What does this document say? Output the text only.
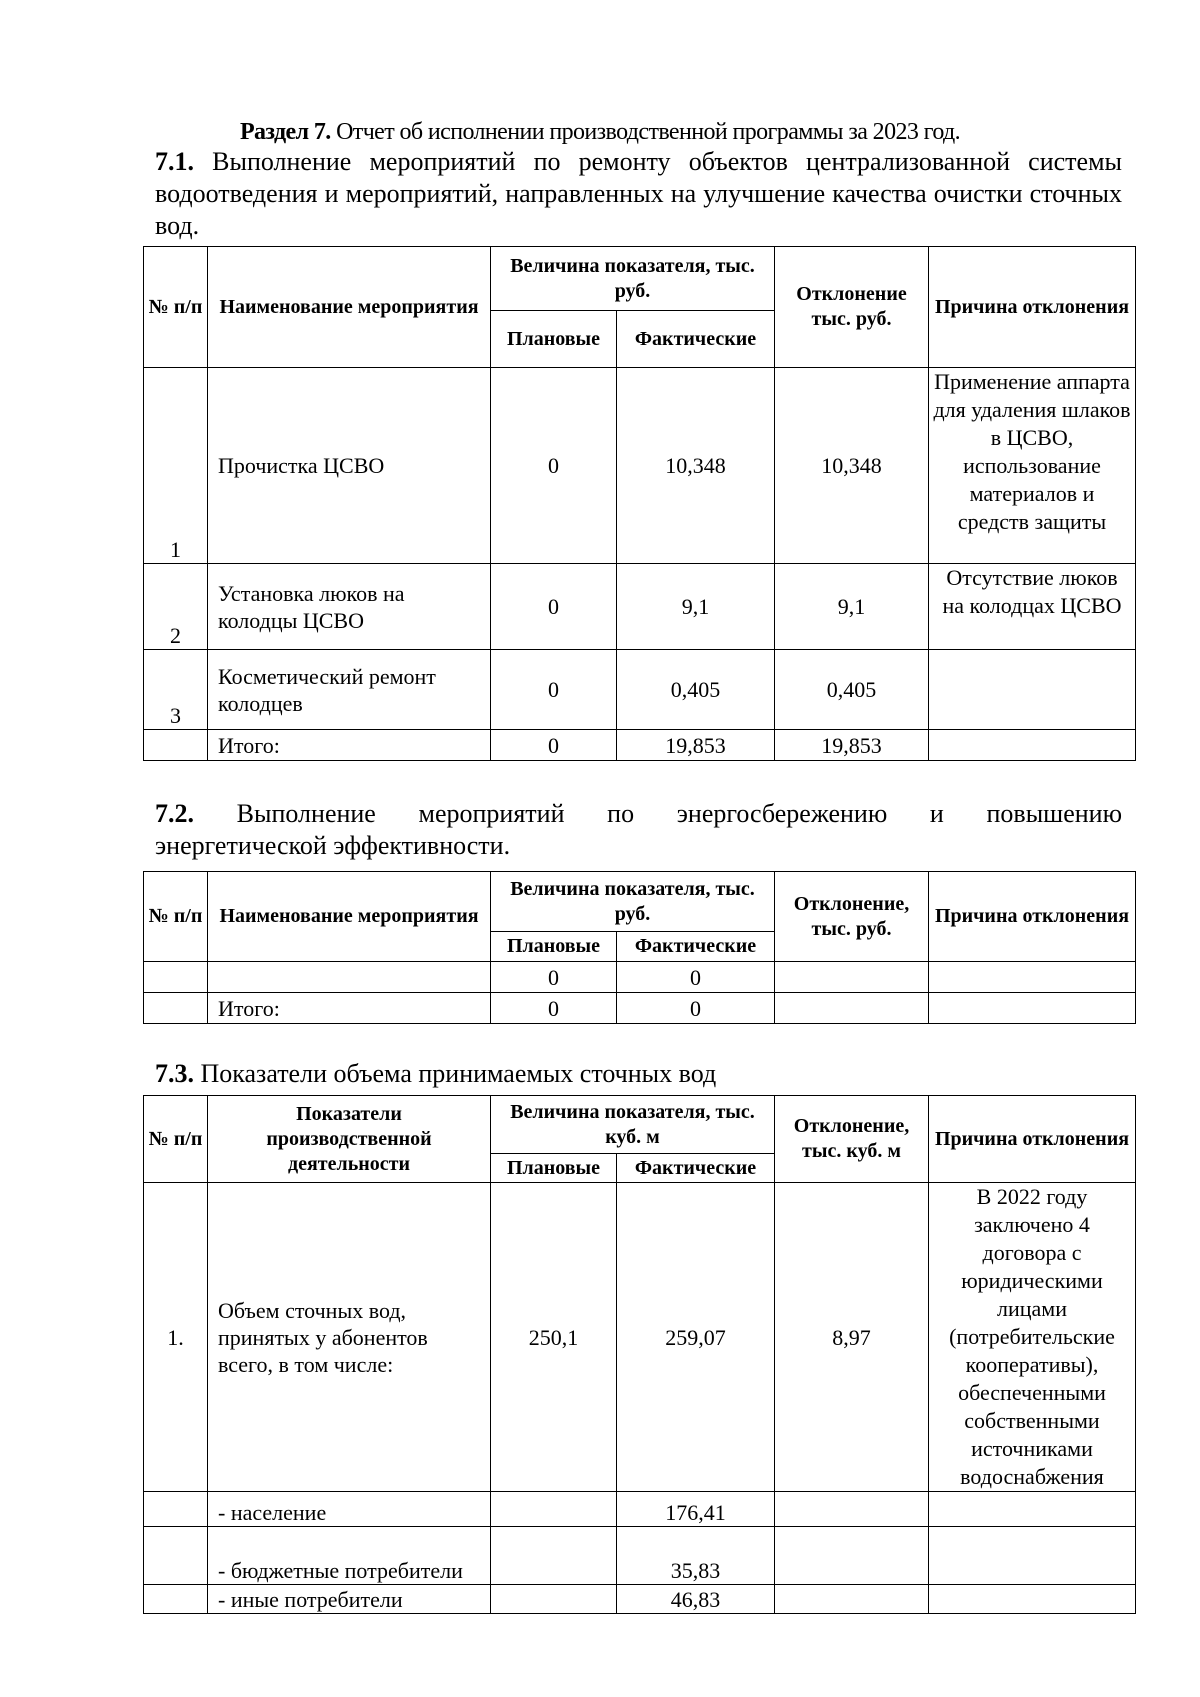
Раздел 7. Отчет об исполнении производственной программы за 2023 год.
7.1. Выполнение мероприятий по ремонту объектов централизованной системы водоотведения и мероприятий, направленных на улучшение качества очистки сточных вод.
№ п/п	Наименование мероприятия	Величина показателя, тыс. руб.		Отклонение тыс. руб.	Причина отклонения
		Плановые	Фактические		
1	Прочистка ЦСВО	0	10,348	10,348	Применение аппарта для удаления шлаков в ЦСВО, использование материалов и средств защиты
2	Установка люков на колодцы ЦСВО	0	9,1	9,1	Отсутствие люков на колодцах ЦСВО
3	Косметический ремонт колодцев	0	0,405	0,405	
	Итого:	0	19,853	19,853	
7.2.   Выполнение   мероприятий   по   энергосбережению   и   повышению
энергетической эффективности.
№ п/п	Наименование мероприятия	Величина показателя, тыс. руб.		Отклонение, тыс. руб.	Причина отклонения
		Плановые	Фактические		
		0	0		
	Итого:	0	0		
7.3. Показатели объема принимаемых сточных вод
№ п/п	Показатели производственной деятельности	Величина показателя, тыс. куб. м		Отклонение, тыс. куб. м	Причина отклонения
		Плановые	Фактические		
1.	Объем сточных вод, принятых у абонентов всего, в том числе:	250,1	259,07	8,97	В 2022 году заключено 4 договора с юридическими лицами (потребительские кооперативы), обеспеченными собственными источниками водоснабжения
	- население		176,41		
	- бюджетные потребители		35,83		
	- иные потребители		46,83		
